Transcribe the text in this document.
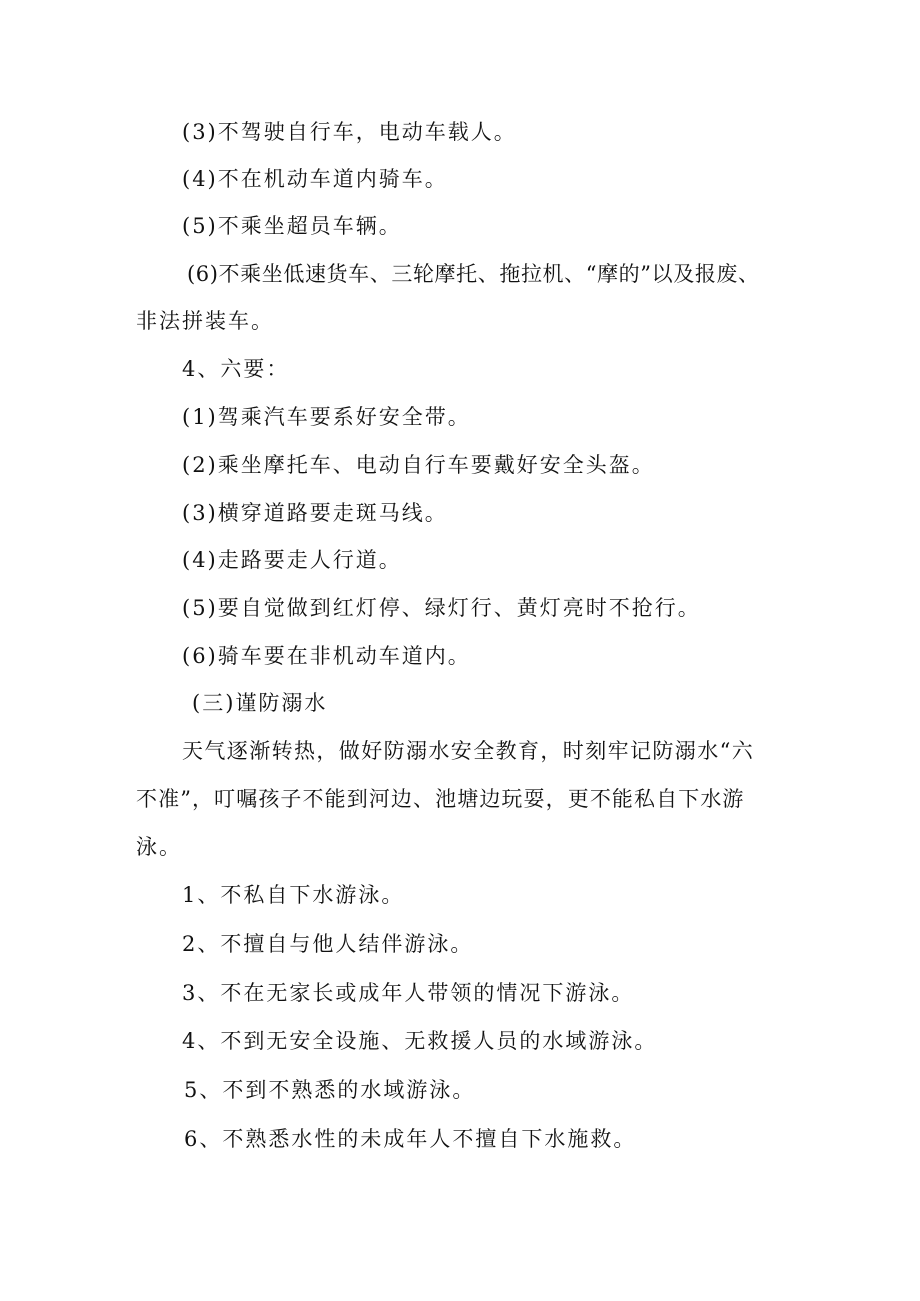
(3)不驾驶自行车，电动车载人。
(4)不在机动车道内骑车。
(5)不乘坐超员车辆。
(6)不乘坐低速货车、三轮摩托、拖拉机、“摩的”以及报废、
非法拼装车。
4、六要：
(1)驾乘汽车要系好安全带。
(2)乘坐摩托车、电动自行车要戴好安全头盔。
(3)横穿道路要走斑马线。
(4)走路要走人行道。
(5)要自觉做到红灯停、绿灯行、黄灯亮时不抢行。
(6)骑车要在非机动车道内。
(三)谨防溺水
天气逐渐转热，做好防溺水安全教育，时刻牢记防溺水“六
不准”，叮嘱孩子不能到河边、池塘边玩耍，更不能私自下水游
泳。
1、不私自下水游泳。
2、不擅自与他人结伴游泳。
3、不在无家长或成年人带领的情况下游泳。
4、不到无安全设施、无救援人员的水域游泳。
5、不到不熟悉的水域游泳。
6、不熟悉水性的未成年人不擅自下水施救。
